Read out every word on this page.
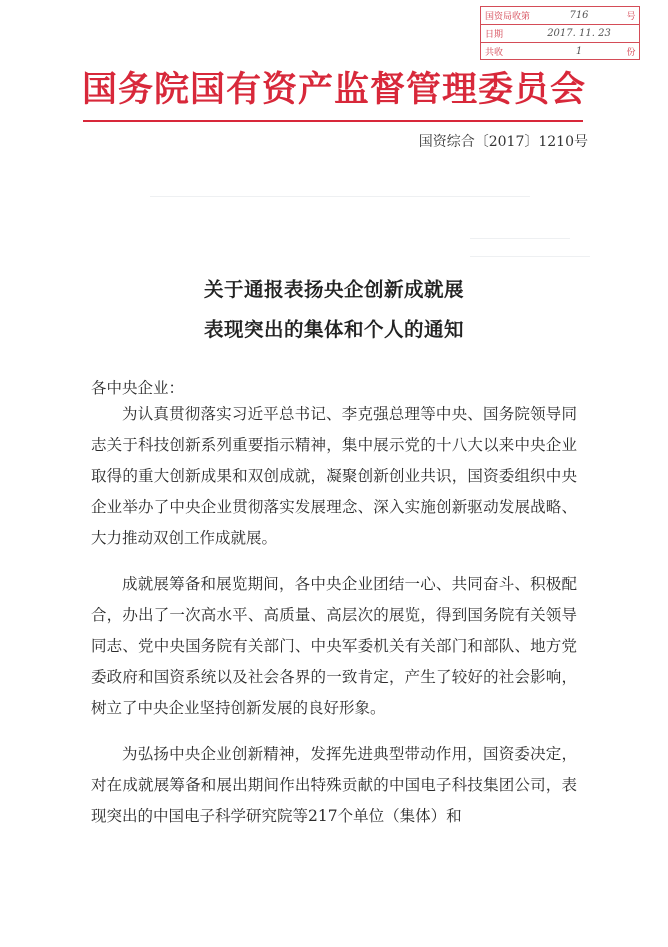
国资局收第	716	号
日期	2017. 11. 23
共收	1	份
国务院国有资产监督管理委员会
国资综合〔2017〕1210号
关于通报表扬央企创新成就展
表现突出的集体和个人的通知
各中央企业：

为认真贯彻落实习近平总书记、李克强总理等中央、国务院领导同志关于科技创新系列重要指示精神，集中展示党的十八大以来中央企业取得的重大创新成果和双创成就，凝聚创新创业共识，国资委组织中央企业举办了中央企业贯彻落实发展理念、深入实施创新驱动发展战略、大力推动双创工作成就展。

成就展筹备和展览期间，各中央企业团结一心、共同奋斗、积极配合，办出了一次高水平、高质量、高层次的展览，得到国务院有关领导同志、党中央国务院有关部门、中央军委机关有关部门和部队、地方党委政府和国资系统以及社会各界的一致肯定，产生了较好的社会影响，树立了中央企业坚持创新发展的良好形象。

为弘扬中央企业创新精神，发挥先进典型带动作用，国资委决定，对在成就展筹备和展出期间作出特殊贡献的中国电子科技集团公司，表现突出的中国电子科学研究院等217个单位（集体）和
